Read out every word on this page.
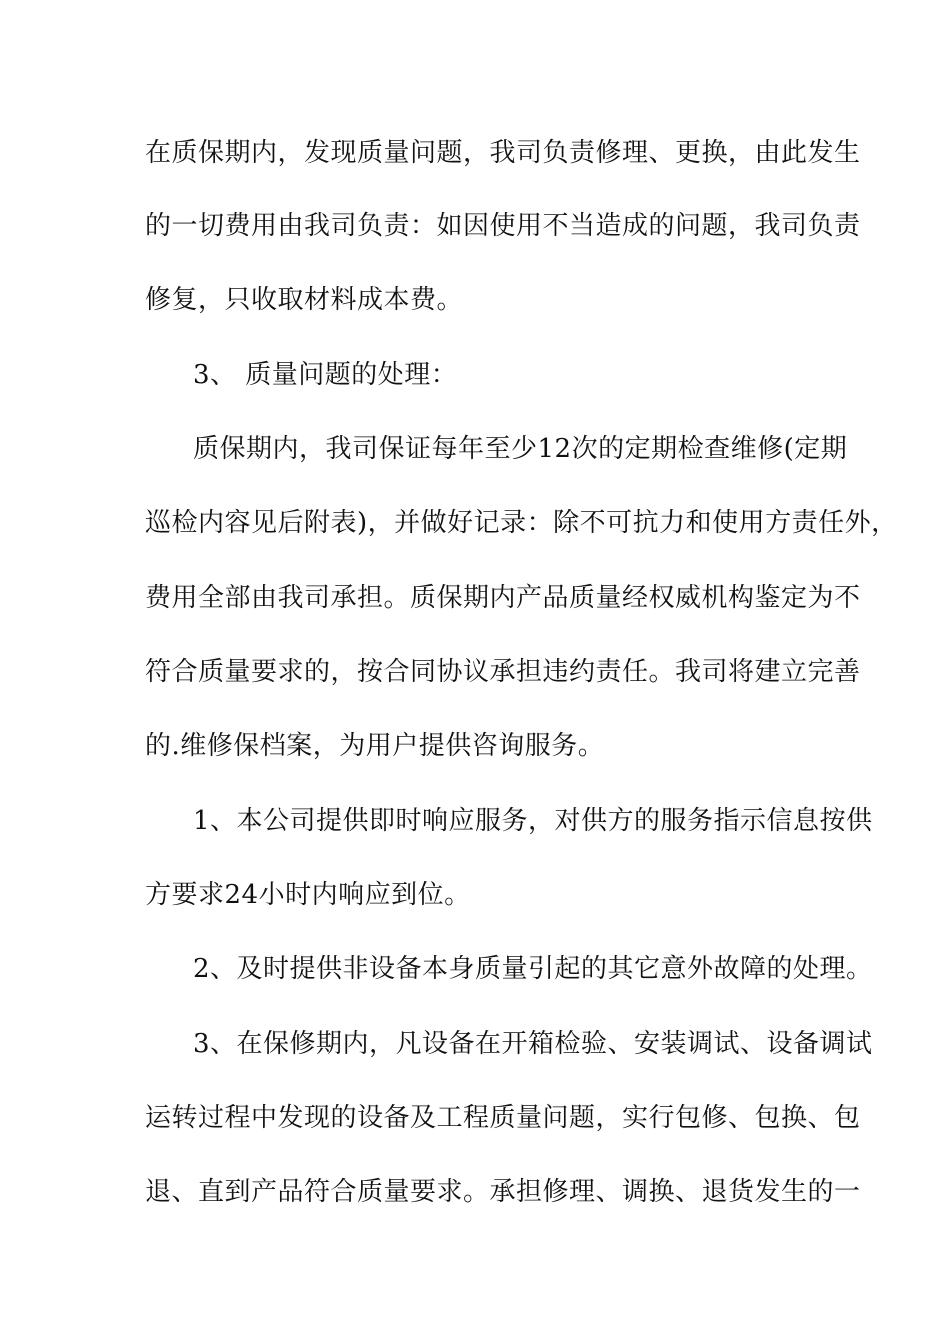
在质保期内，发现质量问题，我司负责修理、更换，由此发生
的一切费用由我司负责：如因使用不当造成的问题，我司负责
修复，只收取材料成本费。
3、 质量问题的处理：
质保期内，我司保证每年至少12次的定期检查维修(定期
巡检内容见后附表)，并做好记录：除不可抗力和使用方责任外，
费用全部由我司承担。质保期内产品质量经权威机构鉴定为不
符合质量要求的，按合同协议承担违约责任。我司将建立完善
的.维修保档案，为用户提供咨询服务。
1、本公司提供即时响应服务，对供方的服务指示信息按供
方要求24小时内响应到位。
2、及时提供非设备本身质量引起的其它意外故障的处理。
3、在保修期内，凡设备在开箱检验、安装调试、设备调试
运转过程中发现的设备及工程质量问题，实行包修、包换、包
退、直到产品符合质量要求。承担修理、调换、退货发生的一
